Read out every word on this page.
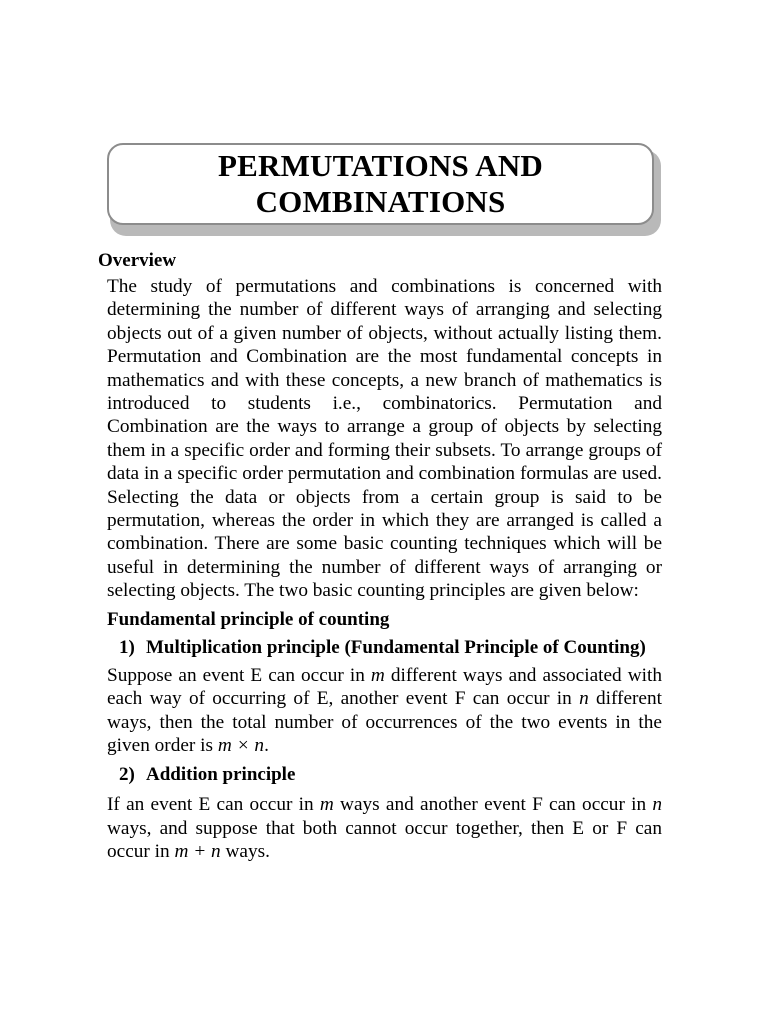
PERMUTATIONS AND
COMBINATIONS

Overview

The study of permutations and combinations is concerned with determining the number of different ways of arranging and selecting objects out of a given number of objects, without actually listing them. Permutation and Combination are the most fundamental concepts in mathematics and with these concepts, a new branch of mathematics is introduced to students i.e., combinatorics. Permutation and Combination are the ways to arrange a group of objects by selecting them in a specific order and forming their subsets. To arrange groups of data in a specific order permutation and combination formulas are used. Selecting the data or objects from a certain group is said to be permutation, whereas the order in which they are arranged is called a combination. There are some basic counting techniques which will be useful in determining the number of different ways of arranging or selecting objects. The two basic counting principles are given below:

Fundamental principle of counting

1) Multiplication principle (Fundamental Principle of Counting)

Suppose an event E can occur in m different ways and associated with each way of occurring of E, another event F can occur in n different ways, then the total number of occurrences of the two events in the given order is m × n.

2) Addition principle

If an event E can occur in m ways and another event F can occur in n ways, and suppose that both cannot occur together, then E or F can occur in m + n ways.
